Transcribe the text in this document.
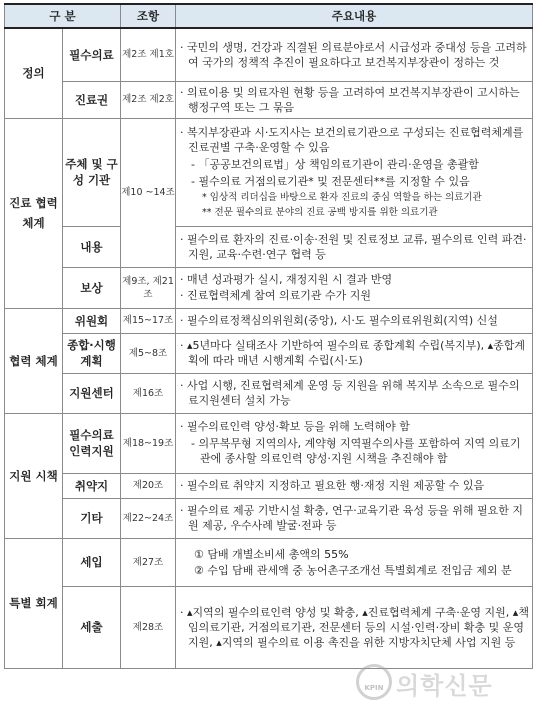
구 분		조항	주요내용
정의	필수의료	제2조 제1호	· 국민의 생명, 건강과 직결된 의료분야로서 시급성과 중대성 등을 고려하여 국가의 정책적 추진이 필요하다고 보건복지부장관이 정하는 것

	진료권	제2조 제2호	· 의료이용 및 의료자원 현황 등을 고려하여 보건복지부장관이 고시하는 행정구역 또는 그 묶음

진료 협력 체계	주체 및 구성 기관	제10 ~14조	· 복지부장관과 시·도지사는 보건의료기관으로 구성되는 진료협력체계를 진료권별 구축·운영할 수 있음
- 「공공보건의료법」상 책임의료기관이 관리·운영을 총괄함
- 필수의료 거점의료기관* 및 전문센터**를 지정할 수 있음
* 임상적 리더십을 바탕으로 환자 진료의 중심 역할을 하는 의료기관
** 전문 필수의료 분야의 진료 공백 방지를 위한 의료기관

	내용		· 필수의료 환자의 진료·이송·전원 및 진료정보 교류, 필수의료 인력 파견·지원, 교육·수련·연구 협력 등

	보상	제9조, 제21조	· 매년 성과평가 실시, 재정지원 시 결과 반영
· 진료협력체계 참여 의료기관 수가 지원

협력 체계	위원회	제15~17조	· 필수의료정책심의위원회(중앙), 시·도 필수의료위원회(지역) 신설

	종합·시행 계획	제5~8조	· ▴5년마다 실태조사 기반하여 필수의료 종합계획 수립(복지부), ▴종합계획에 따라 매년 시행계획 수립(시·도)

	지원센터	제16조	· 사업 시행, 진료협력체계 운영 등 지원을 위해 복지부 소속으로 필수의료지원센터 설치 가능

지원 시책	필수의료 인력지원	제18~19조	· 필수의료인력 양성·확보 등을 위해 노력해야 함
- 의무복무형 지역의사, 계약형 지역필수의사를 포함하여 지역 의료기관에 종사할 의료인력 양성·지원 시책을 추진해야 함

	취약지	제20조	· 필수의료 취약지 지정하고 필요한 행·재정 지원 제공할 수 있음

	기타	제22~24조	· 필수의료 제공 기반시설 확충, 연구·교육기관 육성 등을 위해 필요한 지원 제공, 우수사례 발굴·전파 등

특별 회계	세입	제27조	① 담배 개별소비세 총액의 55%
② 수입 담배 관세액 중 농어촌구조개선 특별회계로 전입금 제외 분

	세출	제28조	· ▴지역의 필수의료인력 양성 및 확충, ▴진료협력체계 구축·운영 지원, ▴책임의료기관, 거점의료기관, 전문센터 등의 시설·인력·장비 확충 및 운영 지원, ▴지역의 필수의료 이용 촉진을 위한 지방자치단체 사업 지원 등
KPIN 의학신문
